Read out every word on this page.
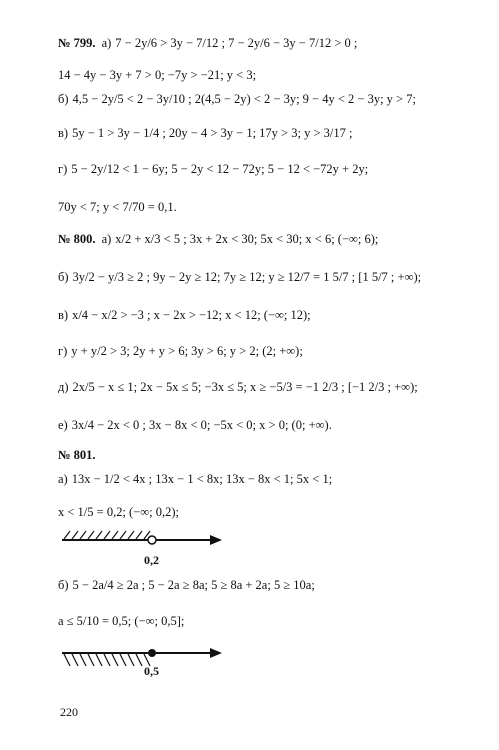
№ 799. а) 7 − 2y/6 > 3y − 7/12 ; 7 − 2y/6 − 3y − 7/12 > 0 ;
14 − 4y − 3y + 7 > 0; −7y > −21; y < 3;
б) 4,5 − 2y/5 < 2 − 3y/10 ; 2(4,5 − 2y) < 2 − 3y; 9 − 4y < 2 − 3y; y > 7;
в) 5y − 1 > 3y − 1/4 ; 20y − 4 > 3y − 1; 17y > 3; y > 3/17 ;
г) 5 − 2y/12 < 1 − 6y; 5 − 2y < 12 − 72y; 5 − 12 < −72y + 2y;
70y < 7; y < 7/70 = 0,1.
№ 800. а) x/2 + x/3 < 5 ; 3x + 2x < 30; 5x < 30; x < 6; (−∞; 6);
б) 3y/2 − y/3 ≥ 2 ; 9y − 2y ≥ 12; 7y ≥ 12; y ≥ 12/7 = 1 5/7 ; [1 5/7 ; +∞);
в) x/4 − x/2 > −3 ; x − 2x > −12; x < 12; (−∞; 12);
г) y + y/2 > 3; 2y + y > 6; 3y > 6; y > 2; (2; +∞);
д) 2x/5 − x ≤ 1; 2x − 5x ≤ 5; −3x ≤ 5; x ≥ −5/3 = −1 2/3 ; [−1 2/3 ; +∞);
е) 3x/4 − 2x < 0 ; 3x − 8x < 0; −5x < 0; x > 0; (0; +∞).
№ 801.
а) 13x − 1/2 < 4x ; 13x − 1 < 8x; 13x − 8x < 1; 5x < 1;
x < 1/5 = 0,2; (−∞; 0,2);
0,2
б) 5 − 2a/4 ≥ 2a ; 5 − 2a ≥ 8a; 5 ≥ 8a + 2a; 5 ≥ 10a;
a ≤ 5/10 = 0,5; (−∞; 0,5];
0,5
220
